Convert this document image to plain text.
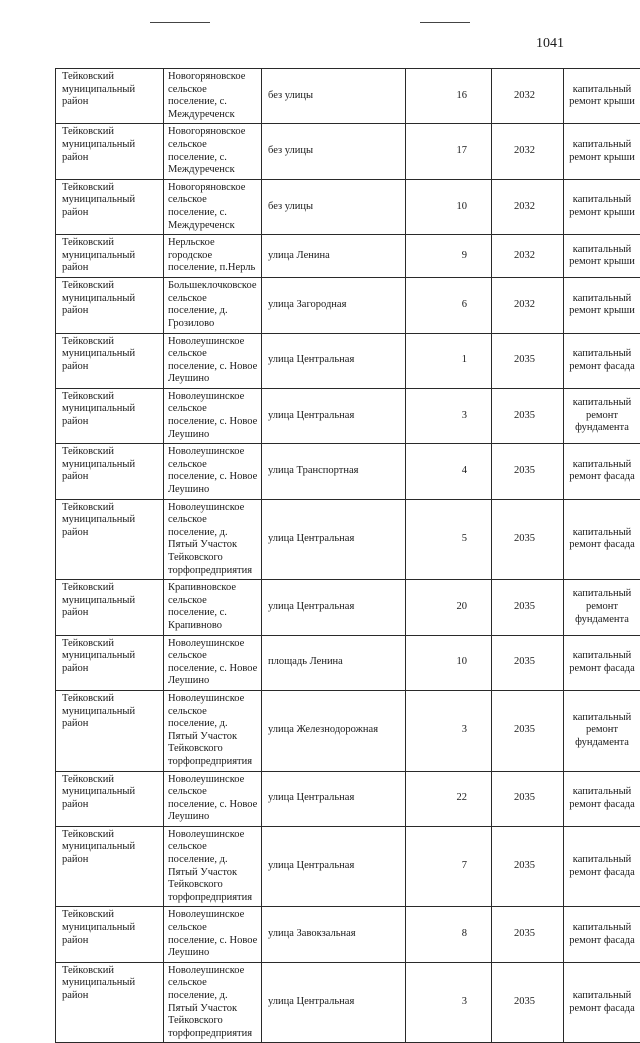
1041
Тейковский муниципальный район	Новогоряновское сельское поселение, с. Междуреченск	без улицы	16	2032	капитальный ремонт крыши
Тейковский муниципальный район	Новогоряновское сельское поселение, с. Междуреченск	без улицы	17	2032	капитальный ремонт крыши
Тейковский муниципальный район	Новогоряновское сельское поселение, с. Междуреченск	без улицы	10	2032	капитальный ремонт крыши
Тейковский муниципальный район	Нерльское городское поселение, п.Нерль	улица Ленина	9	2032	капитальный ремонт крыши
Тейковский муниципальный район	Большеклочковское сельское поселение, д. Грозилово	улица Загородная	6	2032	капитальный ремонт крыши
Тейковский муниципальный район	Новолеушинское сельское поселение, с. Новое Леушино	улица Центральная	1	2035	капитальный ремонт фасада
Тейковский муниципальный район	Новолеушинское сельское поселение, с. Новое Леушино	улица Центральная	3	2035	капитальный ремонт фундамента
Тейковский муниципальный район	Новолеушинское сельское поселение, с. Новое Леушино	улица Транспортная	4	2035	капитальный ремонт фасада
Тейковский муниципальный район	Новолеушинское сельское поселение, д. Пятый Участок Тейковского торфопредприятия	улица Центральная	5	2035	капитальный ремонт фасада
Тейковский муниципальный район	Крапивновское сельское поселение, с. Крапивново	улица Центральная	20	2035	капитальный ремонт фундамента
Тейковский муниципальный район	Новолеушинское сельское поселение, с. Новое Леушино	площадь Ленина	10	2035	капитальный ремонт фасада
Тейковский муниципальный район	Новолеушинское сельское поселение, д. Пятый Участок Тейковского торфопредприятия	улица Железнодорожная	3	2035	капитальный ремонт фундамента
Тейковский муниципальный район	Новолеушинское сельское поселение, с. Новое Леушино	улица Центральная	22	2035	капитальный ремонт фасада
Тейковский муниципальный район	Новолеушинское сельское поселение, д. Пятый Участок Тейковского торфопредприятия	улица Центральная	7	2035	капитальный ремонт фасада
Тейковский муниципальный район	Новолеушинское сельское поселение, с. Новое Леушино	улица Завокзальная	8	2035	капитальный ремонт фасада
Тейковский муниципальный район	Новолеушинское сельское поселение, д. Пятый Участок Тейковского торфопредприятия	улица Центральная	3	2035	капитальный ремонт фасада
